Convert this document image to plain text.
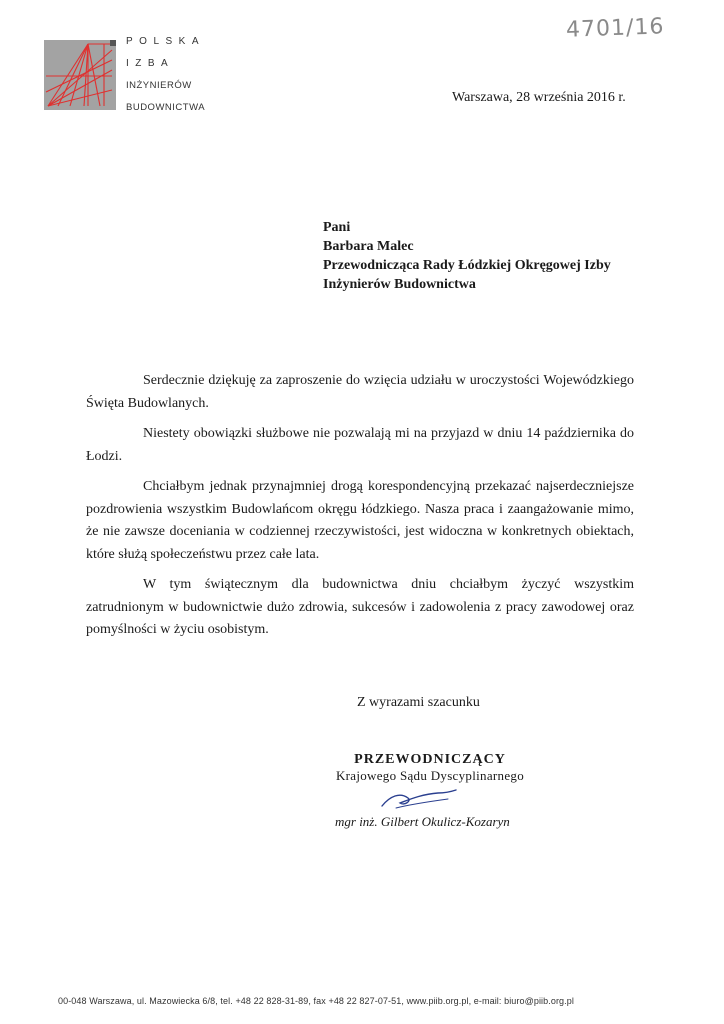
POLSKA
IZBA
INŻYNIERÓW
BUDOWNICTWA
4701/16
Warszawa, 28 września 2016 r.
Pani
Barbara Malec
Przewodnicząca Rady Łódzkiej Okręgowej Izby
Inżynierów Budownictwa

Serdecznie dziękuję za zaproszenie do wzięcia udziału w uroczystości Wojewódzkiego Święta Budowlanych.

Niestety obowiązki służbowe nie pozwalają mi na przyjazd w dniu 14 października do Łodzi.

Chciałbym jednak przynajmniej drogą korespondencyjną przekazać najserdeczniejsze pozdrowienia wszystkim Budowlańcom okręgu łódzkiego. Nasza praca i zaangażowanie mimo, że nie zawsze doceniania w codziennej rzeczywistości, jest widoczna w konkretnych obiektach, które służą społeczeństwu przez całe lata.

W tym świątecznym dla budownictwa dniu chciałbym życzyć wszystkim zatrudnionym w budownictwie dużo zdrowia, sukcesów i zadowolenia z pracy zawodowej oraz pomyślności w życiu osobistym.

Z wyrazami szacunku
PRZEWODNICZĄCY
Krajowego Sądu Dyscyplinarnego
mgr inż. Gilbert Okulicz-Kozaryn
00-048 Warszawa, ul. Mazowiecka 6/8, tel. +48 22 828-31-89, fax +48 22 827-07-51, www.piib.org.pl, e-mail: biuro@piib.org.pl
